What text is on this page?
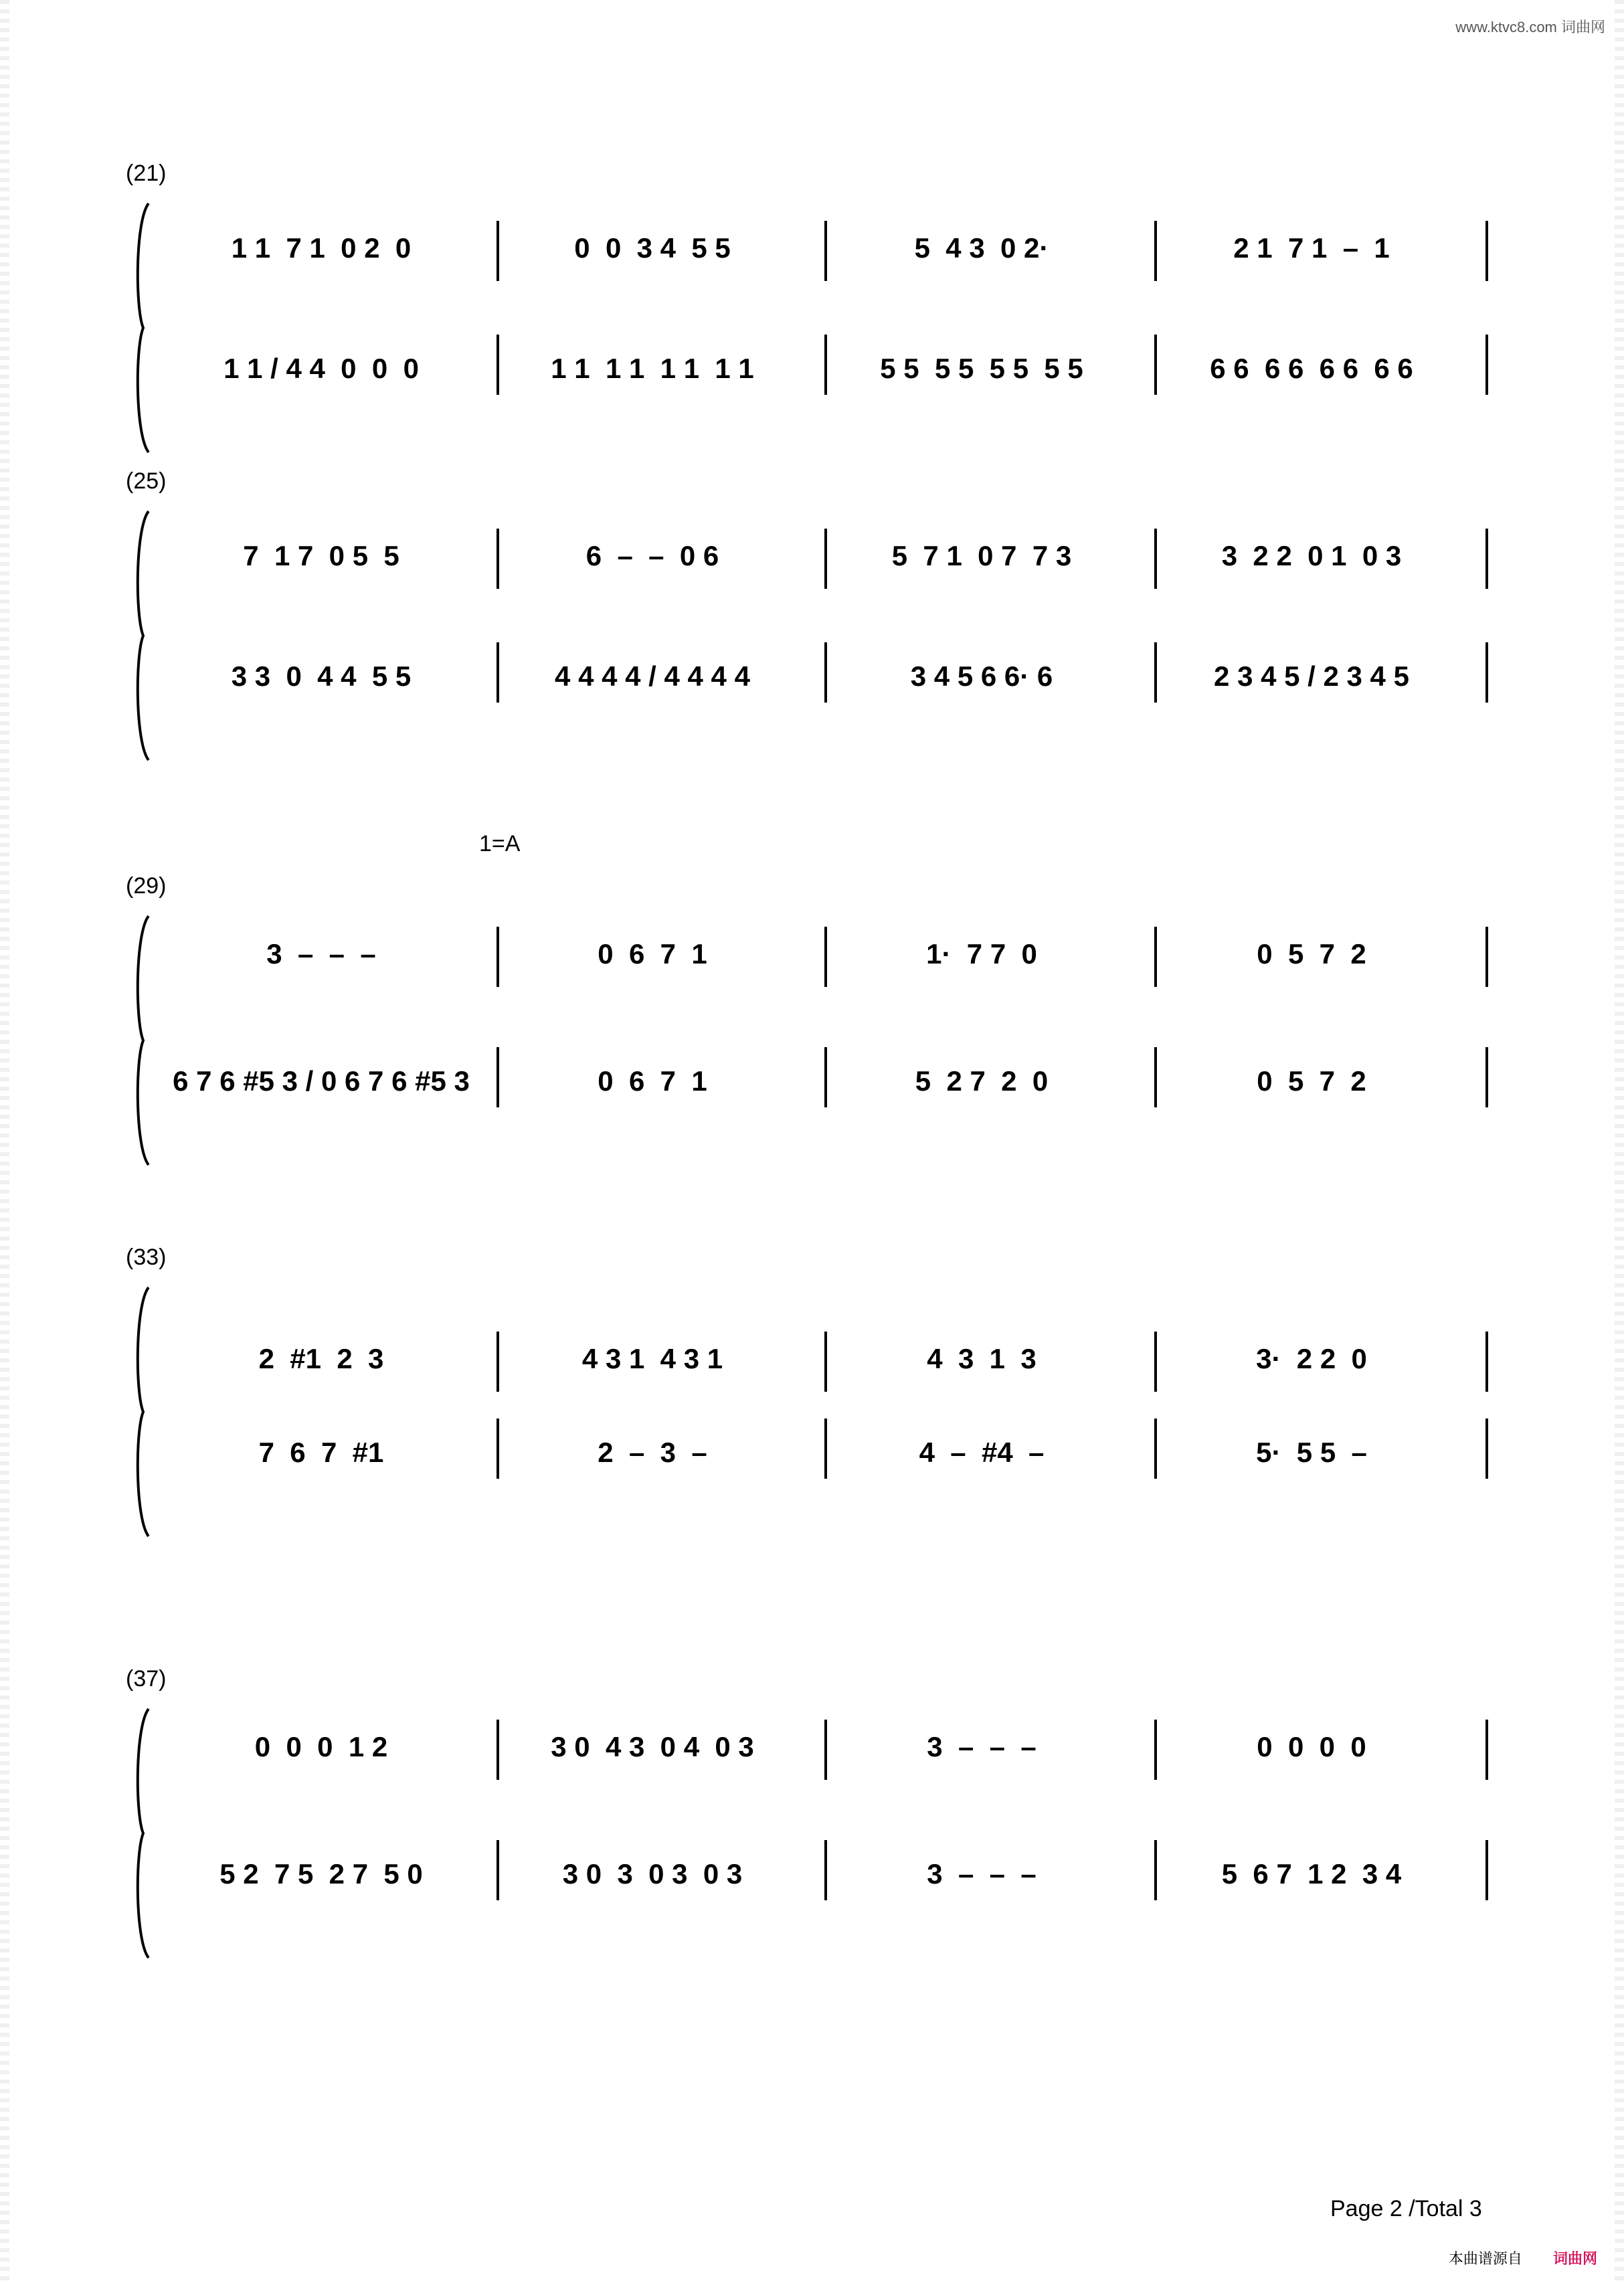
www.ktvc8.com 词曲网
(21)
1 1  7 1  0 2  0	0  0  3 4  5 5	5  4 3  0 2·	2 1  7 1  –  1
1 1 / 4 4  0  0  0	1 1  1 1  1 1  1 1	5 5  5 5  5 5  5 5	6 6  6 6  6 6  6 6
(25)
7  1 7  0 5  5	6  –  –  0 6	5  7 1  0 7  7 3	3  2 2  0 1  0 3
3 3  0  4 4  5 5	4 4 4 4 / 4 4 4 4	3 4 5 6 6· 6	2 3 4 5 / 2 3 4 5
(29)
3  –  –  –	0  6  7  1	1·  7 7  0	0  5  7  2
6 7 6 #5 3 / 0 6 7 6 #5 3	0  6  7  1	5  2 7  2  0	0  5  7  2
(33)
2  #1  2  3	4 3 1  4 3 1	4  3  1  3	3·  2 2  0
7  6  7  #1	2  –  3  –	4  –  #4  –	5·  5 5  –
(37)
0  0  0  1 2	3 0  4 3  0 4  0 3	3  –  –  –	0  0  0  0
5 2  7 5  2 7  5 0	3 0  3  0 3  0 3	3  –  –  –	5  6 7  1 2  3 4
1=A
Page 2 /Total 3
本曲谱源自 词曲网
